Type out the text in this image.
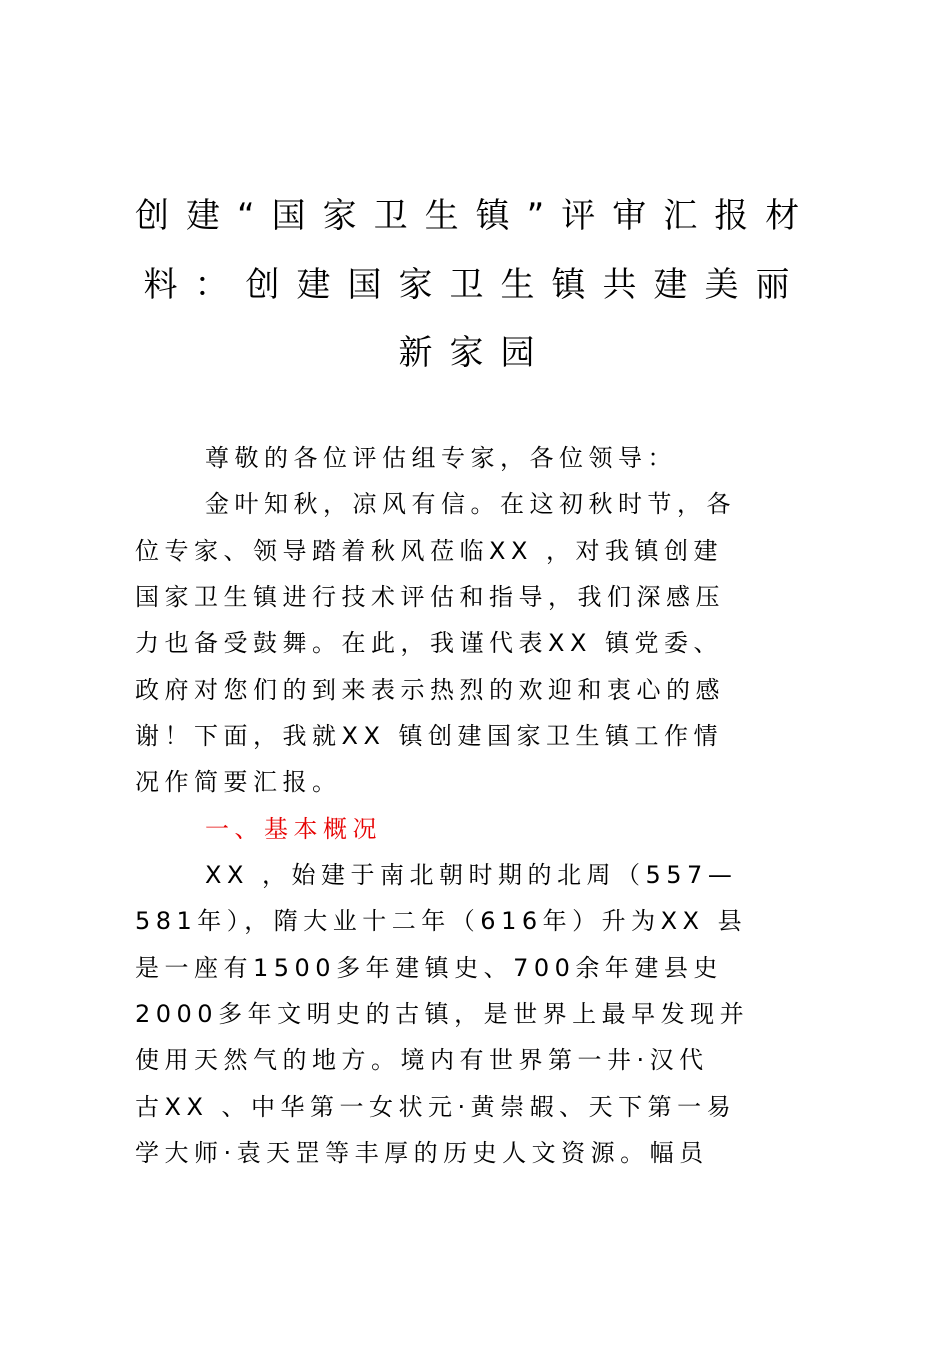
创建“国家卫生镇”评审汇报材
料：创建国家卫生镇共建美丽
新家园
尊敬的各位评估组专家，各位领导：
金叶知秋，凉风有信。在这初秋时节，各
位专家、领导踏着秋风莅临XX ，对我镇创建
国家卫生镇进行技术评估和指导，我们深感压
力也备受鼓舞。在此，我谨代表XX 镇党委、
政府对您们的到来表示热烈的欢迎和衷心的感
谢！下面，我就XX 镇创建国家卫生镇工作情
况作简要汇报。
一、基本概况
XX ，始建于南北朝时期的北周（557—
581年），隋大业十二年（616年）升为XX 县
是一座有1500多年建镇史、700余年建县史
2000多年文明史的古镇，是世界上最早发现并
使用天然气的地方。境内有世界第一井·汉代
古XX 、中华第一女状元·黄崇嘏、天下第一易
学大师·袁天罡等丰厚的历史人文资源。幅员
